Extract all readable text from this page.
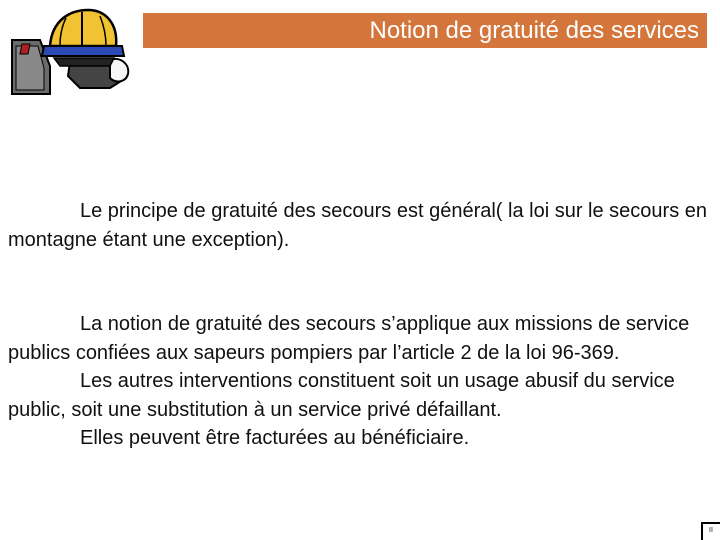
Notion de gratuité des services

Le principe de gratuité des secours est général( la loi sur le secours en montagne étant une exception).

La notion de gratuité des secours s’applique aux missions de service publics confiées aux sapeurs pompiers par l’article 2 de la loi 96-369.

Les autres interventions constituent soit un usage abusif du service public, soit une substitution à un service privé défaillant.

Elles peuvent être facturées au bénéficiaire.

II
